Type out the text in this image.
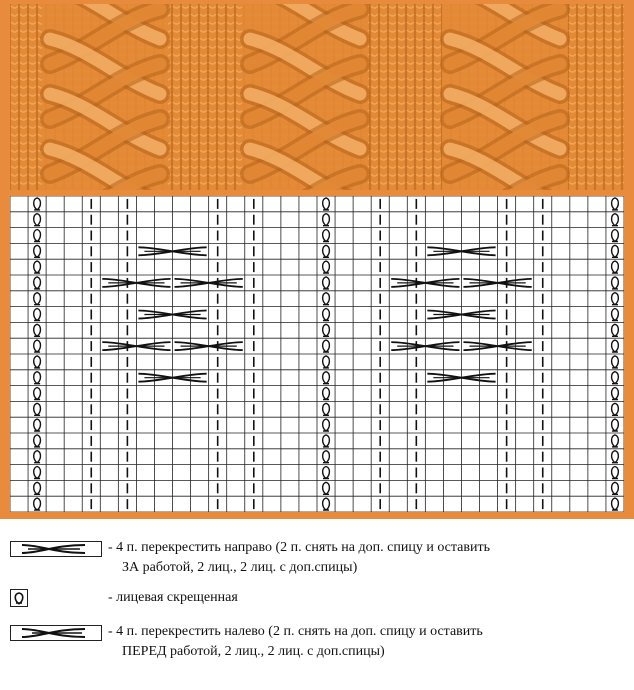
- 4 п. перекрестить направо (2 п. снять на доп. спицу и оставить
ЗА работой, 2 лиц., 2 лиц. с доп.спицы)
- лицевая скрещенная
- 4 п. перекрестить налево (2 п. снять на доп. спицу и оставить
ПЕРЕД работой, 2 лиц., 2 лиц. с доп.спицы)
